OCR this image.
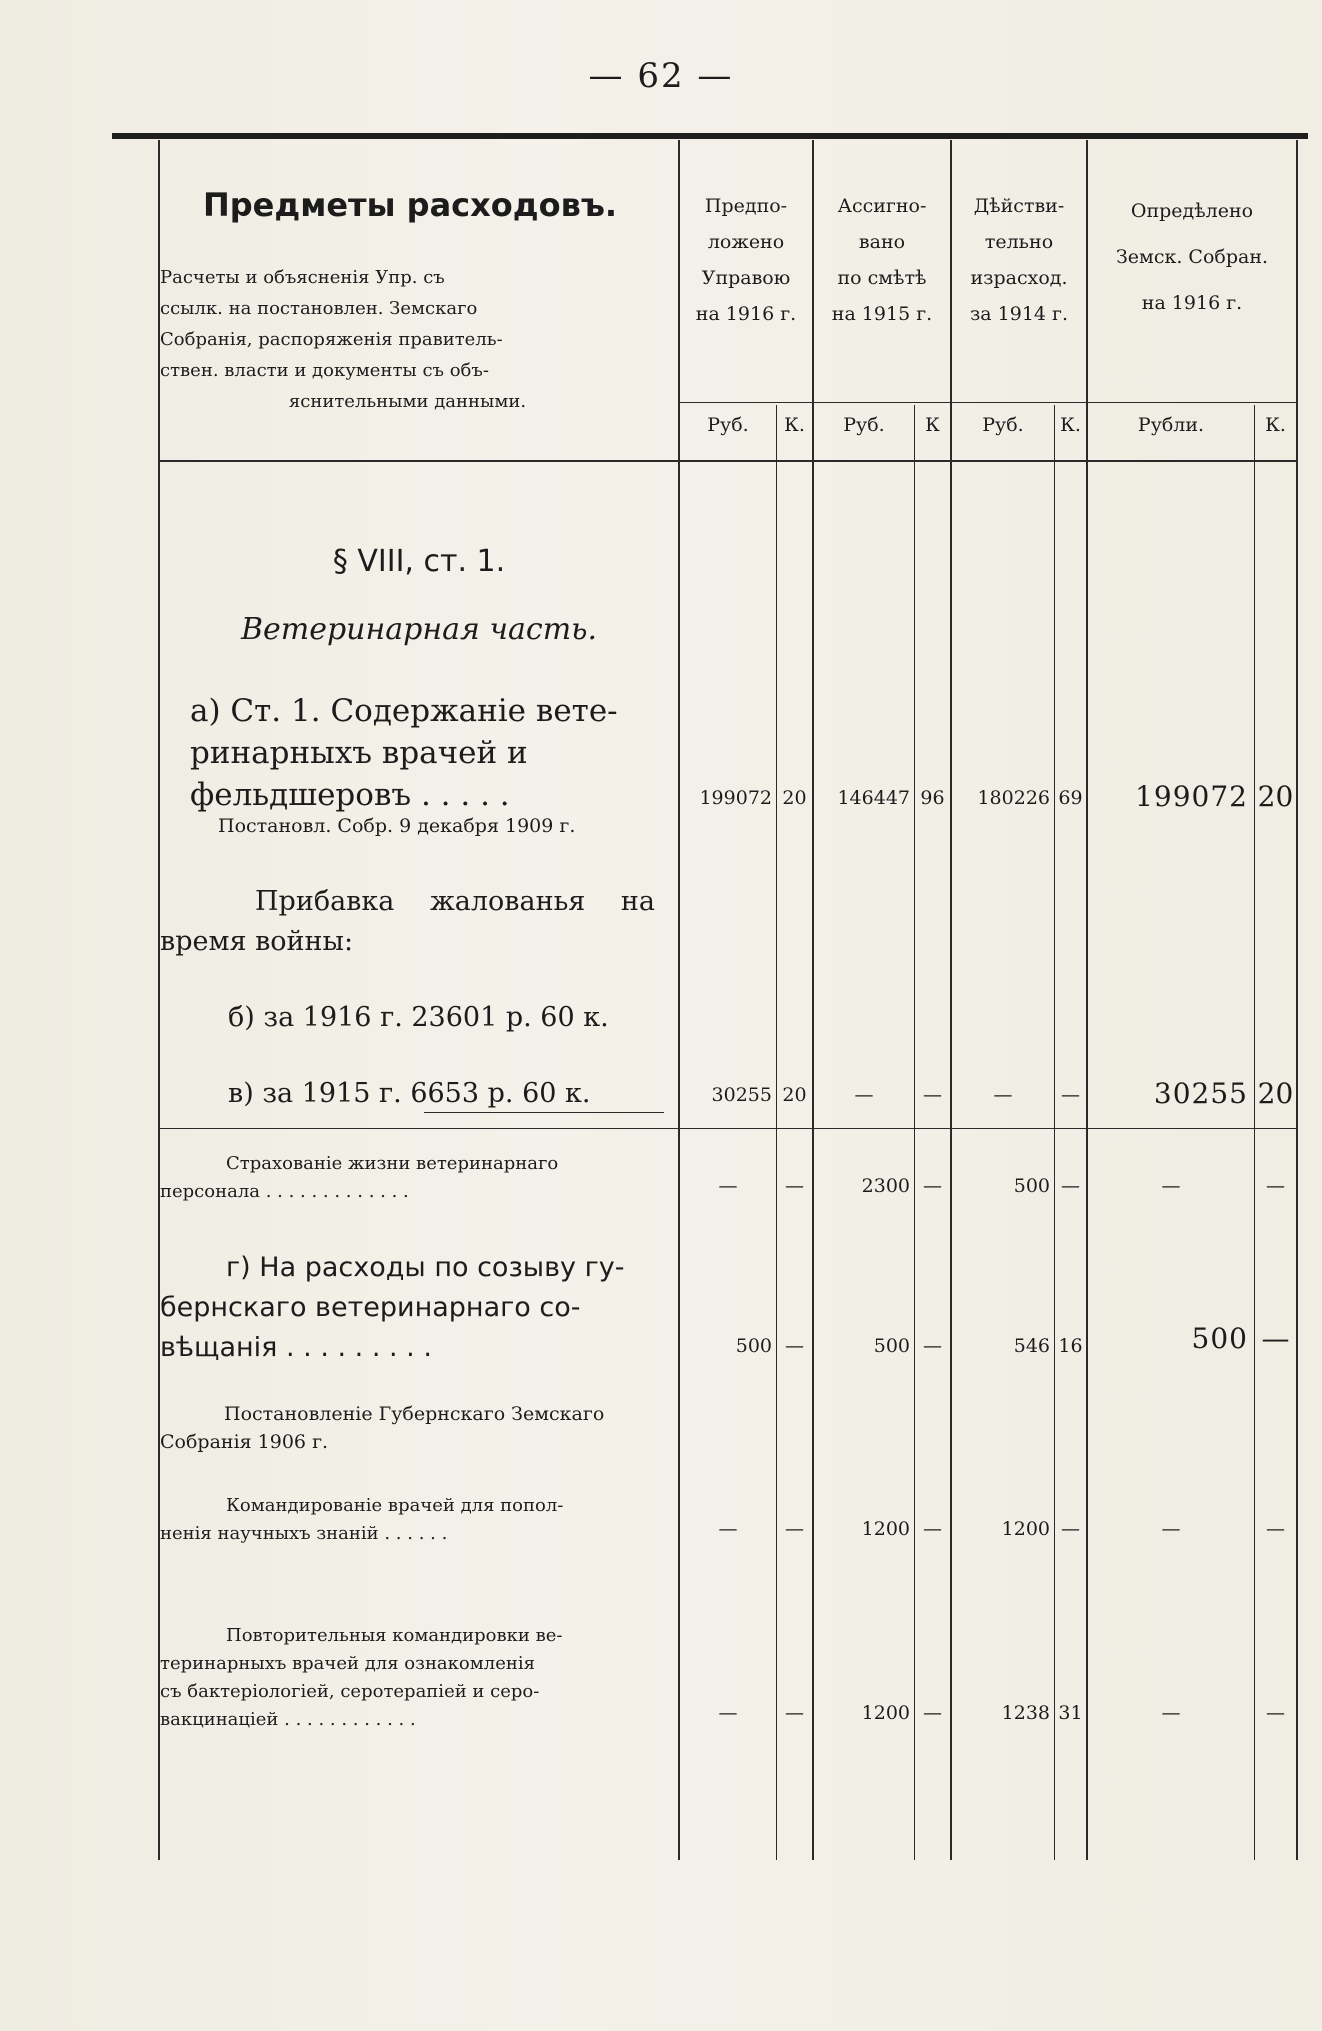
— 62 —
Предметы расходовъ.
Расчеты и объясненія Упр. съ
ссылк. на постановлен. Земскаго
Собранія, распоряженія правитель-
ствен. власти и документы съ объ-
яснительными данными.
Предпо-
ложено
Управою
на 1916 г.
Ассигно-
вано
по смѣтѣ
на 1915 г.
Дѣйстви-
тельно
израсход.
за 1914 г.
Опредѣлено
Земск. Собран.
на 1916 г.
Руб.	К.	Руб.	К	Руб.	К.	Рубли.	К.
§ VIII, ст. 1.
Ветеринарная часть.
а) Ст. 1. Содержаніе вете-
ринарныхъ врачей и
фельдшеровъ . . . . .
Постановл. Собр. 9 декабря 1909 г.
199072 20	146447 96	180226 69	199072 20
Прибавка жалованья на
время войны:
б) за 1916 г. 23601 р. 60 к.
в) за 1915 г. 6653 р. 60 к.	30255 20	—	—	—	—	30255 20
Страхованіе жизни ветеринарнаго
персонала . . . . . . . . . . . . .	—	—	2300 —	500 —	—	—
г) На расходы по созыву гу-
бернскаго ветеринарнаго со-
вѣщанія . . . . . . . . .	500 —	500 —	546 16	500 —
Постановленіе Губернскаго Земскаго
Собранія 1906 г.
Командированіе врачей для попол-
ненія научныхъ знаній . . . . . .	—	—	1200 —	1200 —	—	—
Повторительныя командировки ве-
теринарныхъ врачей для ознакомленія
съ бактеріологіей, серотерапіей и серо-
вакцинаціей . . . . . . . . . . . .	—	—	1200 —	1238 31	—	—
